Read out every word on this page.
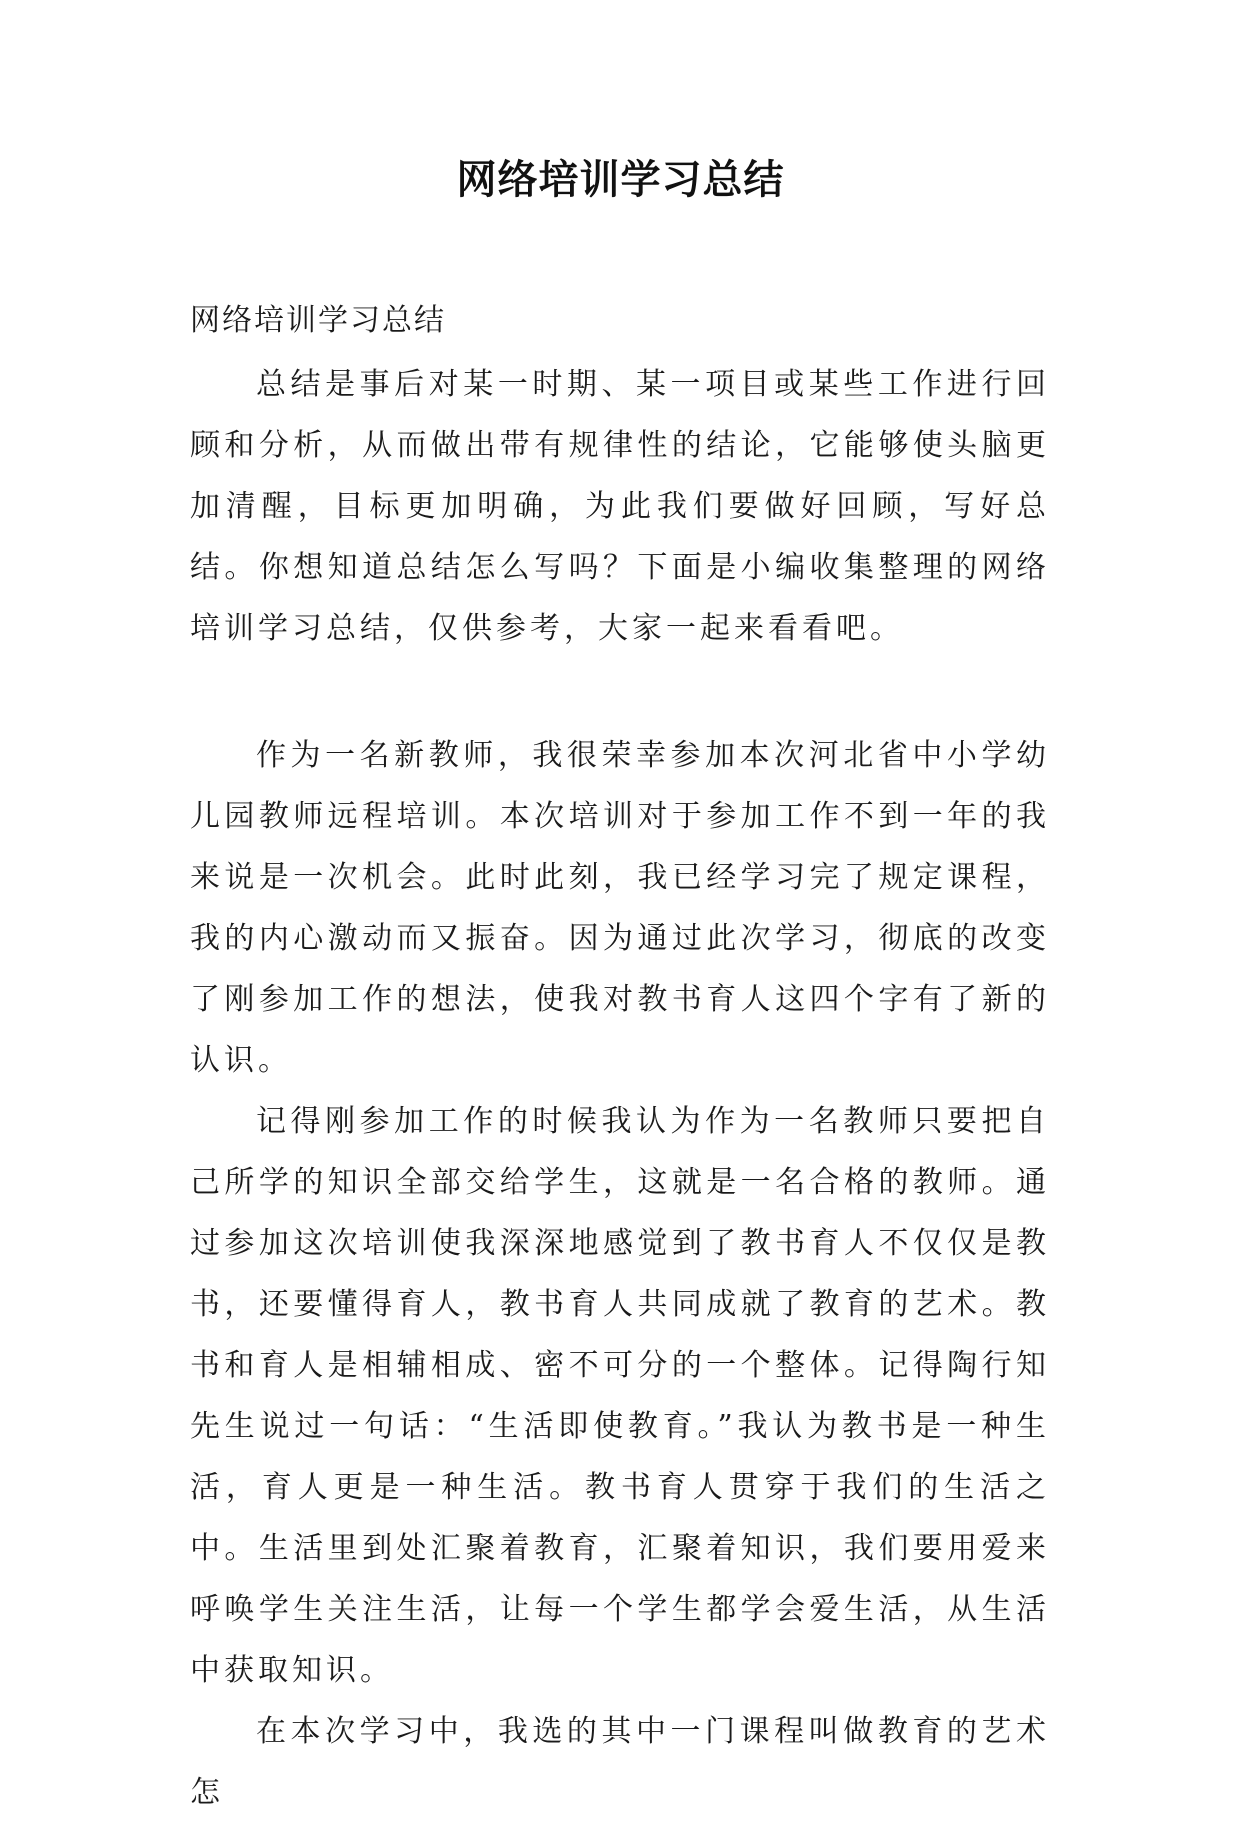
网络培训学习总结

网络培训学习总结

总结是事后对某一时期、某一项目或某些工作进行回顾和分析，从而做出带有规律性的结论，它能够使头脑更加清醒，目标更加明确，为此我们要做好回顾，写好总结。你想知道总结怎么写吗？下面是小编收集整理的网络培训学习总结，仅供参考，大家一起来看看吧。

作为一名新教师，我很荣幸参加本次河北省中小学幼儿园教师远程培训。本次培训对于参加工作不到一年的我来说是一次机会。此时此刻，我已经学习完了规定课程，我的内心激动而又振奋。因为通过此次学习，彻底的改变了刚参加工作的想法，使我对教书育人这四个字有了新的认识。

记得刚参加工作的时候我认为作为一名教师只要把自己所学的知识全部交给学生，这就是一名合格的教师。通过参加这次培训使我深深地感觉到了教书育人不仅仅是教书，还要懂得育人，教书育人共同成就了教育的艺术。教书和育人是相辅相成、密不可分的一个整体。记得陶行知先生说过一句话：“生活即使教育。”我认为教书是一种生活，育人更是一种生活。教书育人贯穿于我们的生活之中。生活里到处汇聚着教育，汇聚着知识，我们要用爱来呼唤学生关注生活，让每一个学生都学会爱生活，从生活中获取知识。

在本次学习中，我选的其中一门课程叫做教育的艺术怎
